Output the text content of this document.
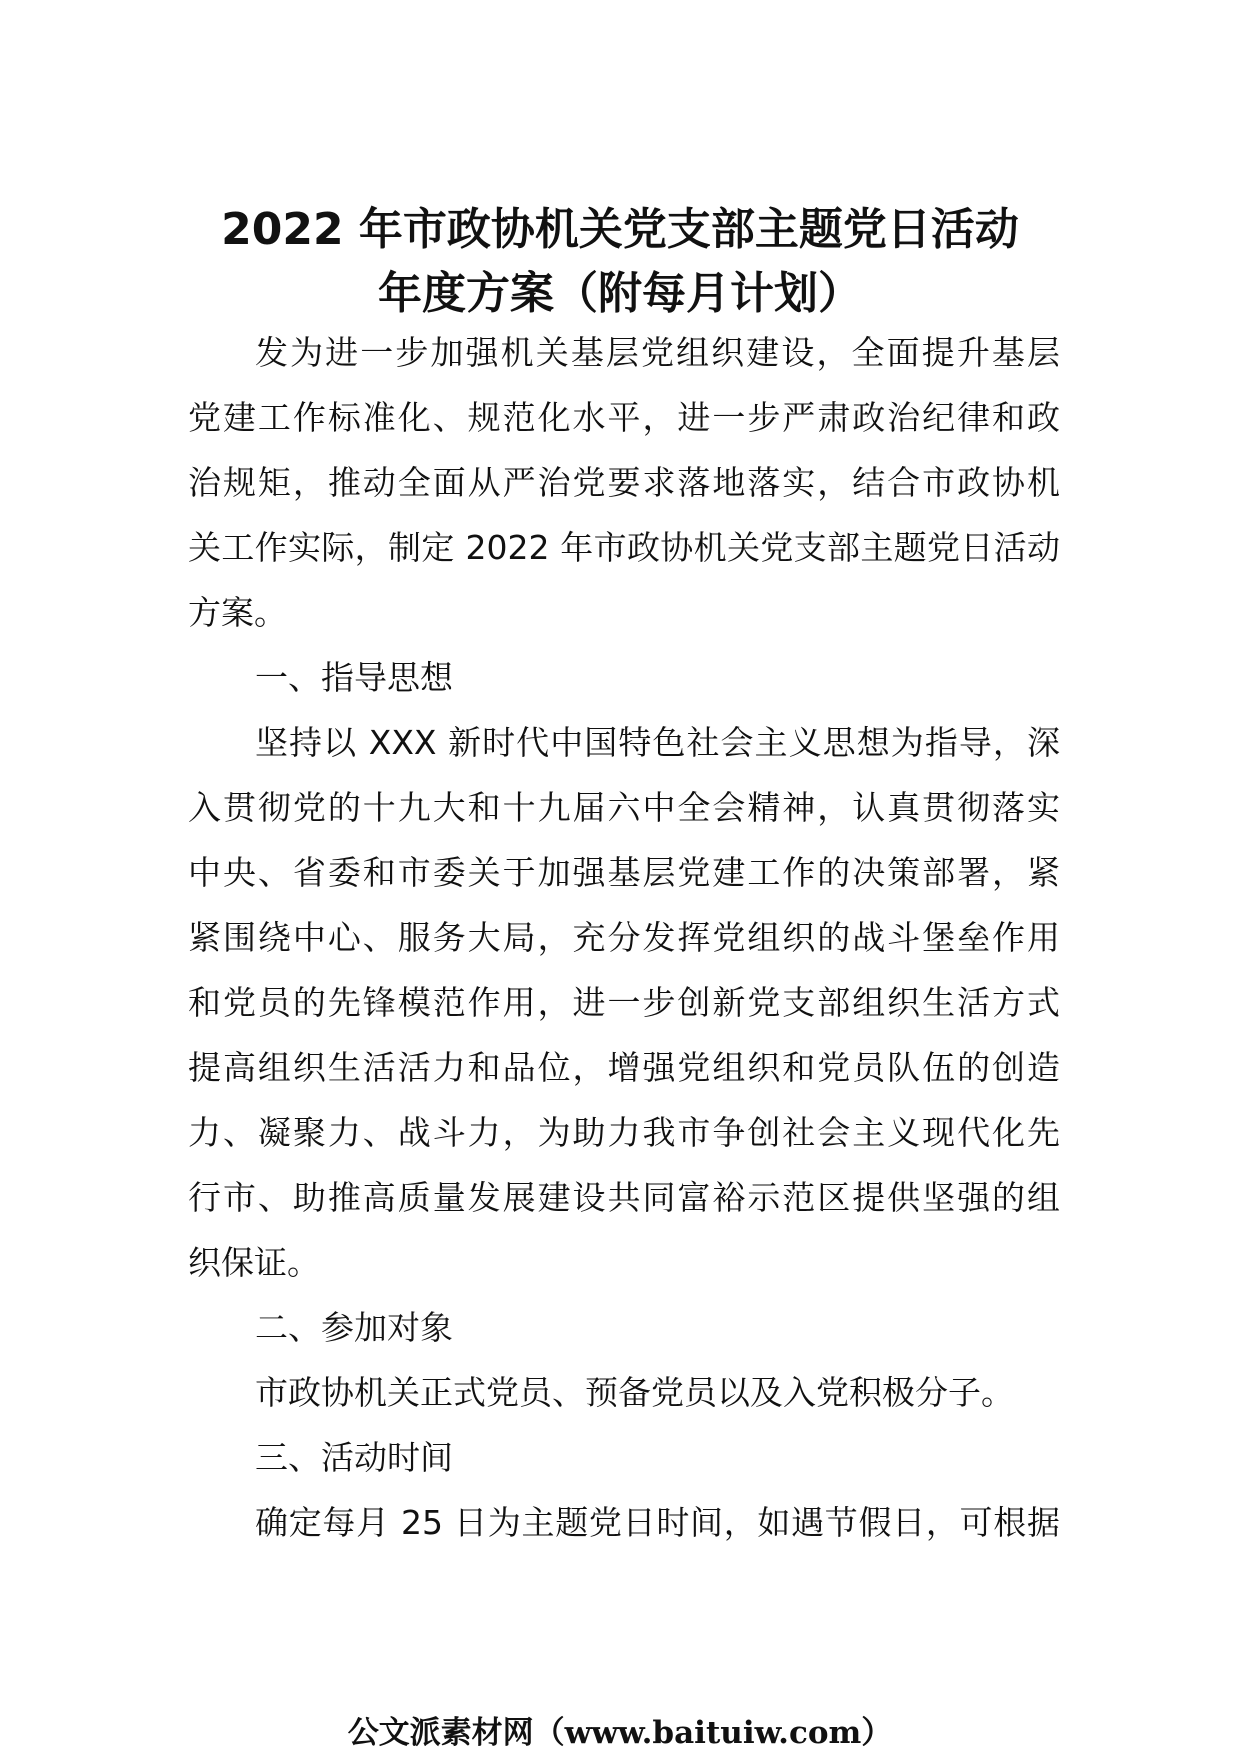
2022 年市政协机关党支部主题党日活动
年度方案（附每月计划）
发为进一步加强机关基层党组织建设，全面提升基层
党建工作标准化、规范化水平，进一步严肃政治纪律和政
治规矩，推动全面从严治党要求落地落实，结合市政协机
关工作实际，制定 2022 年市政协机关党支部主题党日活动
方案。
一、指导思想
坚持以 XXX 新时代中国特色社会主义思想为指导，深
入贯彻党的十九大和十九届六中全会精神，认真贯彻落实
中央、省委和市委关于加强基层党建工作的决策部署，紧
紧围绕中心、服务大局，充分发挥党组织的战斗堡垒作用
和党员的先锋模范作用，进一步创新党支部组织生活方式
提高组织生活活力和品位，增强党组织和党员队伍的创造
力、凝聚力、战斗力，为助力我市争创社会主义现代化先
行市、助推高质量发展建设共同富裕示范区提供坚强的组
织保证。
二、参加对象
市政协机关正式党员、预备党员以及入党积极分子。
三、活动时间
确定每月 25 日为主题党日时间，如遇节假日，可根据
公文派素材网（www.baituiw.com）
